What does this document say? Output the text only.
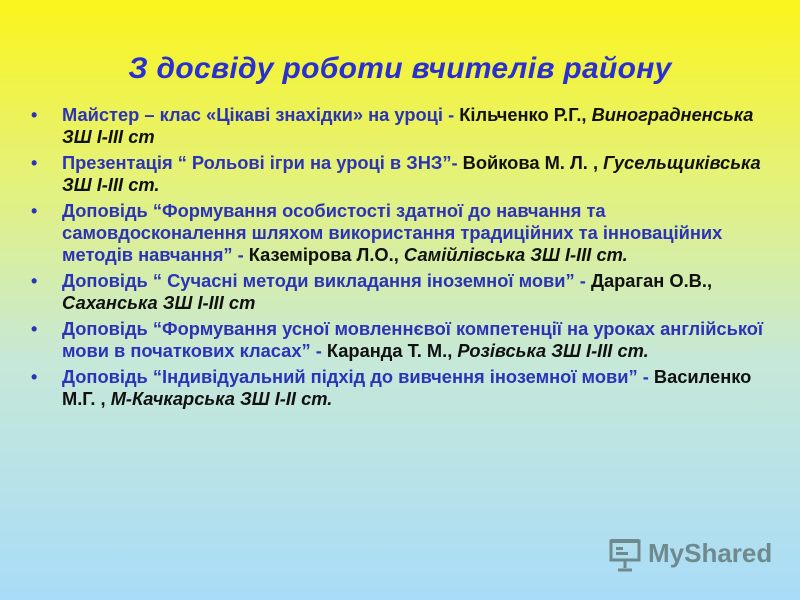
З досвіду роботи вчителів району
• Майстер – клас «Цікаві знахідки» на уроці - Кільченко Р.Г., Виноградненська ЗШ І-ІІІ ст
• Презентація “ Рольові ігри на уроці в ЗНЗ”- Войкова М. Л. , Гусельщиківська ЗШ І-ІІІ ст.
• Доповідь “Формування особистості здатної до навчання та самовдосконалення шляхом використання традиційних та інноваційних методів навчання” - Каземірова Л.О., Самійлівська ЗШ І-ІІІ ст.
• Доповідь “ Сучасні методи викладання іноземної мови” - Дараган О.В., Саханська ЗШ І-ІІІ ст
• Доповідь “Формування усної мовленнєвої компетенції на уроках англійської мови в початкових класах” - Каранда Т. М., Розівська ЗШ І-ІІІ ст.
• Доповідь “Індивідуальний підхід до вивчення іноземної мови” - Василенко М.Г. , М-Качкарська ЗШ І-ІІ ст.
MyShared
